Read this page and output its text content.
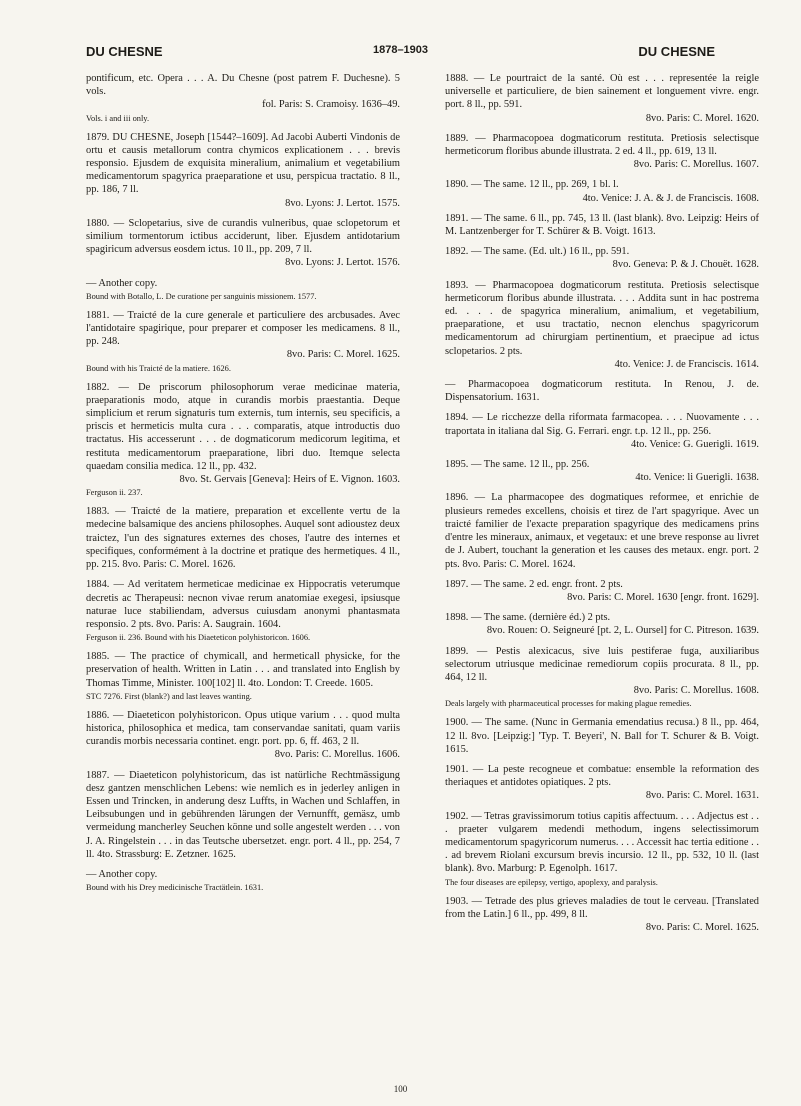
DU CHESNE	1878–1903	DU CHESNE
pontificum, etc. Opera . . . A. Du Chesne (post patrem F. Duchesne). 5 vols.
fol. Paris: S. Cramoisy. 1636–49.
Vols. i and iii only.
1879. DU CHESNE, Joseph [1544?–1609]. Ad Jacobi Auberti Vindonis de ortu et causis metallorum contra chymicos explicationem . . . brevis responsio. Ejusdem de exquisita mineralium, animalium et vegetabilium medicamentorum spagyrica praeparatione et usu, perspicua tractatio. 8 ll., pp. 186, 7 ll.
8vo. Lyons: J. Lertot. 1575.
1880. — Sclopetarius, sive de curandis vulneribus, quae sclopetorum et similium tormentorum ictibus acciderunt, liber. Ejusdem antidotarium spagiricum adversus eosdem ictus. 10 ll., pp. 209, 7 ll.
8vo. Lyons: J. Lertot. 1576.
— Another copy.
Bound with Botallo, L. De curatione per sanguinis missionem. 1577.
1881. — Traicté de la cure generale et particuliere des arcbusades. Avec l'antidotaire spagirique, pour preparer et composer les medicamens. 8 ll., pp. 248.
8vo. Paris: C. Morel. 1625.
Bound with his Traicté de la matiere. 1626.
1882. — De priscorum philosophorum verae medicinae materia, praeparationis modo, atque in curandis morbis praestantia. Deque simplicium et rerum signaturis tum externis, tum internis, seu specificis, a priscis et hermeticis multa cura . . . comparatis, atque introductis duo tractatus. His accesserunt . . . de dogmaticorum medicorum legitima, et restituta medicamentorum praeparatione, libri duo. Itemque selecta quaedam consilia medica. 12 ll., pp. 432.
8vo. St. Gervais [Geneva]: Heirs of E. Vignon. 1603.
Ferguson ii. 237.
1883. — Traicté de la matiere, preparation et excellente vertu de la medecine balsamique des anciens philosophes. Auquel sont adioustez deux traictez, l'un des signatures externes des choses, l'autre des internes et specifiques, conformément à la doctrine et pratique des hermetiques. 4 ll., pp. 215. 8vo. Paris: C. Morel. 1626.
1884. — Ad veritatem hermeticae medicinae ex Hippocratis veterumque decretis ac Therapeusi: necnon vivae rerum anatomiae exegesi, ipsiusque naturae luce stabiliendam, adversus cuiusdam anonymi phantasmata responsio. 2 pts. 8vo. Paris: A. Saugrain. 1604.
Ferguson ii. 236. Bound with his Diaeteticon polyhistoricon. 1606.
1885. — The practice of chymicall, and hermeticall physicke, for the preservation of health. Written in Latin . . . and translated into English by Thomas Timme, Minister. 100[102] ll. 4to. London: T. Creede. 1605.
STC 7276. First (blank?) and last leaves wanting.
1886. — Diaeteticon polyhistoricon. Opus utique varium . . . quod multa historica, philosophica et medica, tam conservandae sanitati, quam variis curandis morbis necessaria continet. engr. port. pp. 6, ff. 463, 2 ll.
8vo. Paris: C. Morellus. 1606.
1887. — Diaeteticon polyhistoricum, das ist natürliche Rechtmässigung desz gantzen menschlichen Lebens: wie nemlich es in jederley anligen in Essen und Trincken, in anderung desz Luffts, in Wachen und Schlaffen, in Leibsubungen und in gebührenden lärungen der Vernunfft, gemäsz, umb vermeidung mancherley Seuchen könne und solle angestelt werden . . . von J. A. Ringelstein . . . in das Teutsche ubersetzet. engr. port. 4 ll., pp. 254, 7 ll. 4to. Strassburg: E. Zetzner. 1625.
— Another copy.
Bound with his Drey medicinische Tractätlein. 1631.
1888. — Le pourtraict de la santé. Où est . . . representée la reigle universelle et particuliere, de bien sainement et longuement vivre. engr. port. 8 ll., pp. 591.
8vo. Paris: C. Morel. 1620.
1889. — Pharmacopoea dogmaticorum restituta. Pretiosis selectisque hermeticorum floribus abunde illustrata. 2 ed. 4 ll., pp. 619, 13 ll.
8vo. Paris: C. Morellus. 1607.
1890. — The same. 12 ll., pp. 269, 1 bl. l.
4to. Venice: J. A. & J. de Franciscis. 1608.
1891. — The same. 6 ll., pp. 745, 13 ll. (last blank). 8vo. Leipzig: Heirs of M. Lantzenberger for T. Schürer & B. Voigt. 1613.
1892. — The same. (Ed. ult.) 16 ll., pp. 591.
8vo. Geneva: P. & J. Chouët. 1628.
1893. — Pharmacopoea dogmaticorum restituta. Pretiosis selectisque hermeticorum floribus abunde illustrata. . . . Addita sunt in hac postrema ed. . . . de spagyrica mineralium, animalium, et vegetabilium, praeparatione, et usu tractatio, necnon elenchus spagyricorum medicamentorum ad chirurgiam pertinentium, et praecipue ad ictus sclopetarios. 2 pts.
4to. Venice: J. de Franciscis. 1614.
— Pharmacopoea dogmaticorum restituta. In Renou, J. de. Dispensatorium. 1631.
1894. — Le ricchezze della riformata farmacopea. . . . Nuovamente . . . traportata in italiana dal Sig. G. Ferrari. engr. t.p. 12 ll., pp. 256.
4to. Venice: G. Guerigli. 1619.
1895. — The same. 12 ll., pp. 256.
4to. Venice: li Guerigli. 1638.
1896. — La pharmacopee des dogmatiques reformee, et enrichie de plusieurs remedes excellens, choisis et tirez de l'art spagyrique. Avec un traicté familier de l'exacte preparation spagyrique des medicamens prins d'entre les mineraux, animaux, et vegetaux: et une breve response au livret de J. Aubert, touchant la generation et les causes des metaux. engr. port. 2 pts. 8vo. Paris: C. Morel. 1624.
1897. — The same. 2 ed. engr. front. 2 pts.
8vo. Paris: C. Morel. 1630 [engr. front. 1629].
1898. — The same. (dernière éd.) 2 pts.
8vo. Rouen: O. Seigneuré [pt. 2, L. Oursel] for C. Pitreson. 1639.
1899. — Pestis alexicacus, sive luis pestiferae fuga, auxiliaribus selectorum utriusque medicinae remediorum copiis procurata. 8 ll., pp. 464, 12 ll.
8vo. Paris: C. Morellus. 1608.
Deals largely with pharmaceutical processes for making plague remedies.
1900. — The same. (Nunc in Germania emendatius recusa.) 8 ll., pp. 464, 12 ll. 8vo. [Leipzig:] 'Typ. T. Beyeri', N. Ball for T. Schurer & B. Voigt. 1615.
1901. — La peste recogneue et combatue: ensemble la reformation des theriaques et antidotes opiatiques. 2 pts.
8vo. Paris: C. Morel. 1631.
1902. — Tetras gravissimorum totius capitis affectuum. . . . Adjectus est . . . praeter vulgarem medendi methodum, ingens selectissimorum medicamentorum spagyricorum numerus. . . . Accessit hac tertia editione . . . ad brevem Riolani excursum brevis incursio. 12 ll., pp. 532, 10 ll. (last blank). 8vo. Marburg: P. Egenolph. 1617.
The four diseases are epilepsy, vertigo, apoplexy, and paralysis.
1903. — Tetrade des plus grieves maladies de tout le cerveau. [Translated from the Latin.] 6 ll., pp. 499, 8 ll.
8vo. Paris: C. Morel. 1625.
100
